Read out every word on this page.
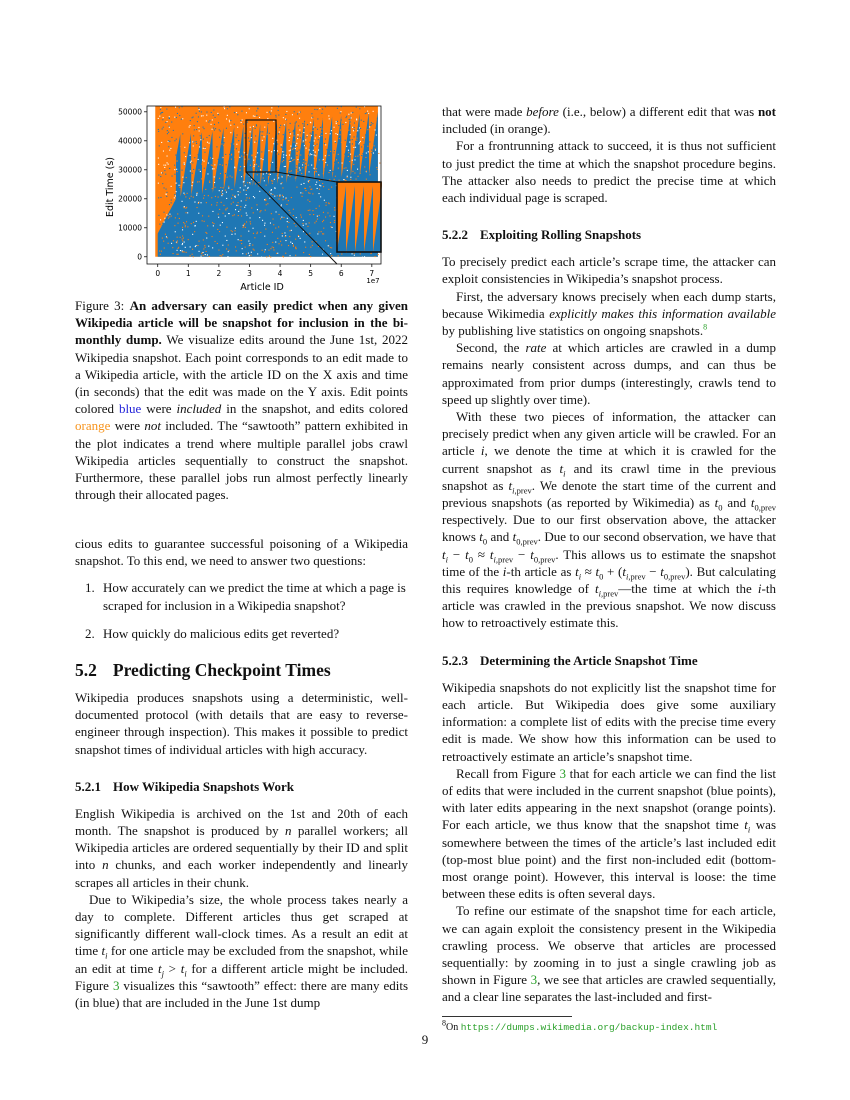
0	1	2	3	4	5	6	7
0
10000
20000
30000
40000
50000
Article ID
1e7
Edit Time (s)
Figure 3: An adversary can easily predict when any given Wikipedia article will be snapshot for inclusion in the bi-monthly dump. We visualize edits around the June 1st, 2022 Wikipedia snapshot. Each point corresponds to an edit made to a Wikipedia article, with the article ID on the X axis and time (in seconds) that the edit was made on the Y axis. Edit points colored blue were included in the snapshot, and edits colored orange were not included. The “sawtooth” pattern exhibited in the plot indicates a trend where multiple parallel jobs crawl Wikipedia articles sequentially to construct the snapshot. Furthermore, these parallel jobs run almost perfectly linearly through their allocated pages.

cious edits to guarantee successful poisoning of a Wikipedia snapshot. To this end, we need to answer two questions:

1. How accurately can we predict the time at which a page is scraped for inclusion in a Wikipedia snapshot?
2. How quickly do malicious edits get reverted?
5.2 Predicting Checkpoint Times

Wikipedia produces snapshots using a deterministic, well-documented protocol (with details that are easy to reverse-engineer through inspection). This makes it possible to predict snapshot times of individual articles with high accuracy.

5.2.1 How Wikipedia Snapshots Work

English Wikipedia is archived on the 1st and 20th of each month. The snapshot is produced by n parallel workers; all Wikipedia articles are ordered sequentially by their ID and split into n chunks, and each worker independently and linearly scrapes all articles in their chunk.

Due to Wikipedia’s size, the whole process takes nearly a day to complete. Different articles thus get scraped at significantly different wall-clock times. As a result an edit at time $t_i$ for one article may be excluded from the snapshot, while an edit at time $t_j > t_i$ for a different article might be included. Figure 3 visualizes this “sawtooth” effect: there are many edits (in blue) that are included in the June 1st dump

that were made before (i.e., below) a different edit that was not included (in orange).

For a frontrunning attack to succeed, it is thus not sufficient to just predict the time at which the snapshot procedure begins. The attacker also needs to predict the precise time at which each individual page is scraped.

5.2.2 Exploiting Rolling Snapshots

To precisely predict each article’s scrape time, the attacker can exploit consistencies in Wikipedia’s snapshot process.

First, the adversary knows precisely when each dump starts, because Wikimedia explicitly makes this information available by publishing live statistics on ongoing snapshots.$^8$

Second, the rate at which articles are crawled in a dump remains nearly consistent across dumps, and can thus be approximated from prior dumps (interestingly, crawls tend to speed up slightly over time).

With these two pieces of information, the attacker can precisely predict when any given article will be crawled. For an article i, we denote the time at which it is crawled for the current snapshot as $t_i$ and its crawl time in the previous snapshot as $t_{i,prev}$. We denote the start time of the current and previous snapshots (as reported by Wikimedia) as $t_0$ and $t_{0,prev}$ respectively. Due to our first observation above, the attacker knows $t_0$ and $t_{0,prev}$. Due to our second observation, we have that $t_i - t_0 \approx t_{i,prev} - t_{0,prev}$. This allows us to estimate the snapshot time of the i-th article as $t_i \approx t_0 + (t_{i,prev} - t_{0,prev})$. But calculating this requires knowledge of $t_{i,prev}—the$ time at which the i-th article was crawled in the previous snapshot. We now discuss how to retroactively estimate this.

5.2.3 Determining the Article Snapshot Time

Wikipedia snapshots do not explicitly list the snapshot time for each article. But Wikipedia does give some auxiliary information: a complete list of edits with the precise time every edit is made. We show how this information can be used to retroactively estimate an article’s snapshot time.

Recall from Figure 3 that for each article we can find the list of edits that were included in the current snapshot (blue points), with later edits appearing in the next snapshot (orange points). For each article, we thus know that the snapshot time $t_i$ was somewhere between the times of the article’s last included edit (top-most blue point) and the first non-included edit (bottom-most orange point). However, this interval is loose: the time between these edits is often several days.

To refine our estimate of the snapshot time for each article, we can again exploit the consistency present in the Wikipedia crawling process. We observe that articles are processed sequentially: by zooming in to just a single crawling job as shown in Figure 3, we see that articles are crawled sequentially, and a clear line separates the last-included and first-

$^8$On https://dumps.wikimedia.org/backup-index.html
9
